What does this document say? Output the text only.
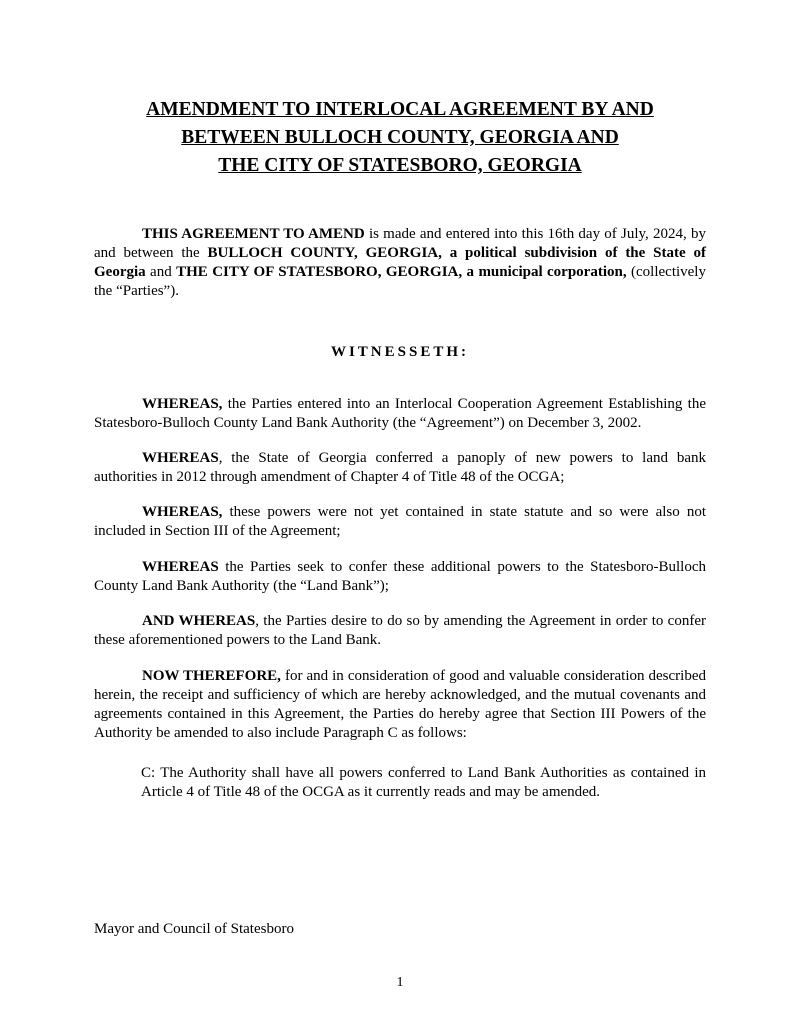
AMENDMENT TO INTERLOCAL AGREEMENT BY AND
BETWEEN BULLOCH COUNTY, GEORGIA AND
THE CITY OF STATESBORO, GEORGIA

THIS AGREEMENT TO AMEND is made and entered into this 16th day of July, 2024, by and between the BULLOCH COUNTY, GEORGIA, a political subdivision of the State of Georgia and THE CITY OF STATESBORO, GEORGIA, a municipal corporation, (collectively the “Parties”).

WITNESSETH:

WHEREAS, the Parties entered into an Interlocal Cooperation Agreement Establishing the Statesboro-Bulloch County Land Bank Authority (the “Agreement”) on December 3, 2002.

WHEREAS, the State of Georgia conferred a panoply of new powers to land bank authorities in 2012 through amendment of Chapter 4 of Title 48 of the OCGA;

WHEREAS, these powers were not yet contained in state statute and so were also not included in Section III of the Agreement;

WHEREAS the Parties seek to confer these additional powers to the Statesboro-Bulloch County Land Bank Authority (the “Land Bank”);

AND WHEREAS, the Parties desire to do so by amending the Agreement in order to confer these aforementioned powers to the Land Bank.

NOW THEREFORE, for and in consideration of good and valuable consideration described herein, the receipt and sufficiency of which are hereby acknowledged, and the mutual covenants and agreements contained in this Agreement, the Parties do hereby agree that Section III Powers of the Authority be amended to also include Paragraph C as follows:

C: The Authority shall have all powers conferred to Land Bank Authorities as contained in Article 4 of Title 48 of the OCGA as it currently reads and may be amended.

Mayor and Council of Statesboro
1
